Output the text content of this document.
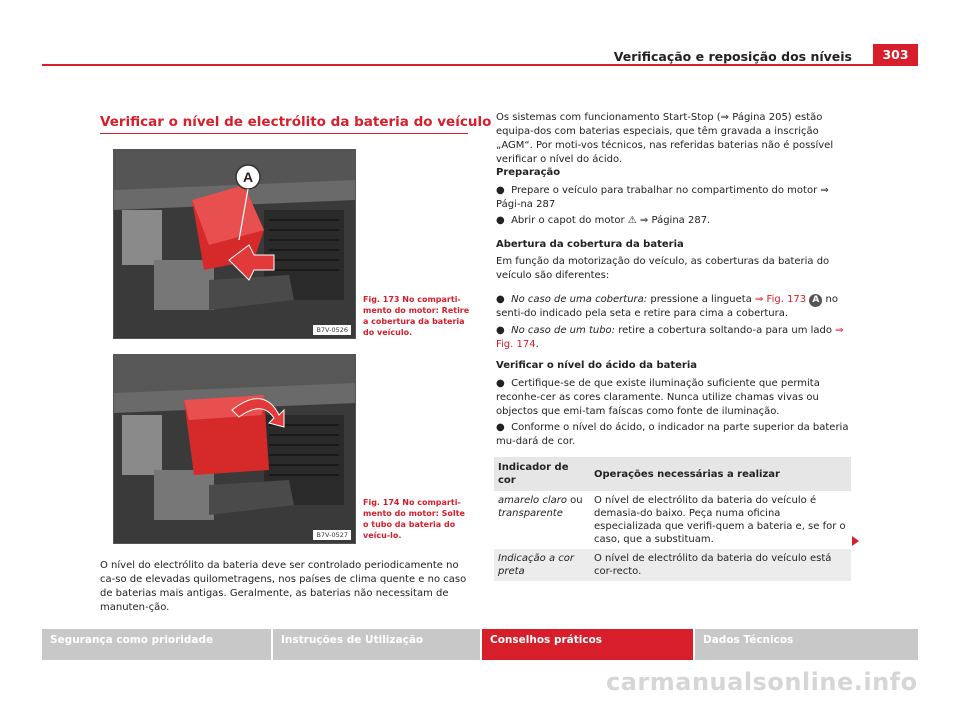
Verificação e reposição dos níveis	303
Verificar o nível de electrólito da bateria do veículo
A
B7V-0526
Fig. 173 No comparti-mento do motor: Retire a cobertura da bateria do veículo.
B7V-0527
Fig. 174 No comparti-mento do motor: Solte o tubo da bateria do veícu-lo.
O nível do electrólito da bateria deve ser controlado periodicamente no ca-so de elevadas quilometragens, nos países de clima quente e no caso de baterias mais antigas. Geralmente, as baterias não necessitam de manuten-ção.
Os sistemas com funcionamento Start-Stop (⇒ Página 205) estão equipa-dos com baterias especiais, que têm gravada a inscrição „AGM“. Por moti-vos técnicos, nas referidas baterias não é possível verificar o nível do ácido.
Preparação
● Prepare o veículo para trabalhar no compartimento do motor ⇒ Pági-na 287
● Abrir o capot do motor ⚠ ⇒ Página 287.
Abertura da cobertura da bateria
Em função da motorização do veículo, as coberturas da bateria do veículo são diferentes:
● No caso de uma cobertura: pressione a lingueta ⇒ Fig. 173 A no senti-do indicado pela seta e retire para cima a cobertura.
● No caso de um tubo: retire a cobertura soltando-a para um lado ⇒ Fig. 174.
Verificar o nível do ácido da bateria
● Certifique-se de que existe iluminação suficiente que permita reconhe-cer as cores claramente. Nunca utilize chamas vivas ou objectos que emi-tam faíscas como fonte de iluminação.
● Conforme o nível do ácido, o indicador na parte superior da bateria mu-dará de cor.
Indicador de cor	Operações necessárias a realizar
amarelo claro ou transparente	O nível de electrólito da bateria do veículo é demasia-do baixo. Peça numa oficina especializada que verifi-quem a bateria e, se for o caso, que a substituam.
Indicação a cor preta	O nível de electrólito da bateria do veículo está cor-recto.
Segurança como prioridade	Instruções de Utilização	Conselhos práticos	Dados Técnicos
carmanualsonline.info
